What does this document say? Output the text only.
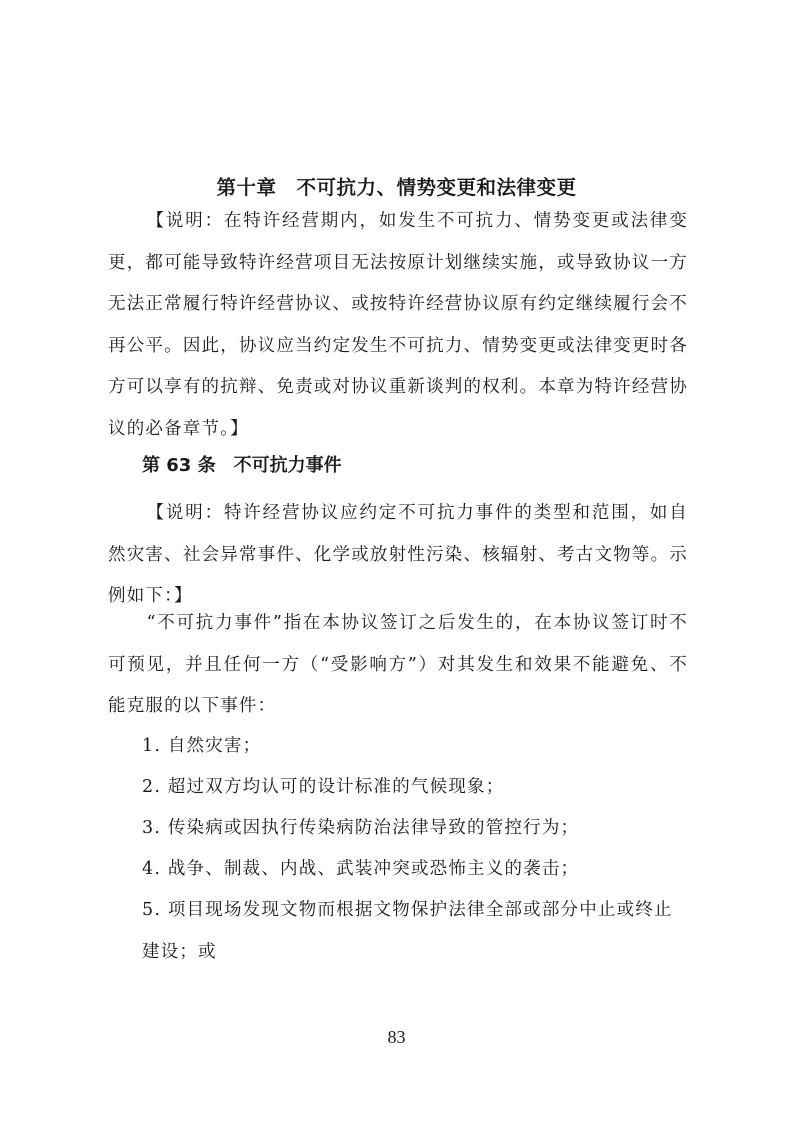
第十章　不可抗力、情势变更和法律变更

【说明：在特许经营期内，如发生不可抗力、情势变更或法律变更，都可能导致特许经营项目无法按原计划继续实施，或导致协议一方无法正常履行特许经营协议、或按特许经营协议原有约定继续履行会不再公平。因此，协议应当约定发生不可抗力、情势变更或法律变更时各方可以享有的抗辩、免责或对协议重新谈判的权利。本章为特许经营协议的必备章节。】

第 63 条　不可抗力事件

【说明：特许经营协议应约定不可抗力事件的类型和范围，如自然灾害、社会异常事件、化学或放射性污染、核辐射、考古文物等。示例如下：】

“不可抗力事件”指在本协议签订之后发生的，在本协议签订时不可预见，并且任何一方（“受影响方”）对其发生和效果不能避免、不能克服的以下事件：

1. 自然灾害；

2. 超过双方均认可的设计标准的气候现象；

3. 传染病或因执行传染病防治法律导致的管控行为；

4. 战争、制裁、内战、武装冲突或恐怖主义的袭击；

5. 项目现场发现文物而根据文物保护法律全部或部分中止或终止建设；或

83
